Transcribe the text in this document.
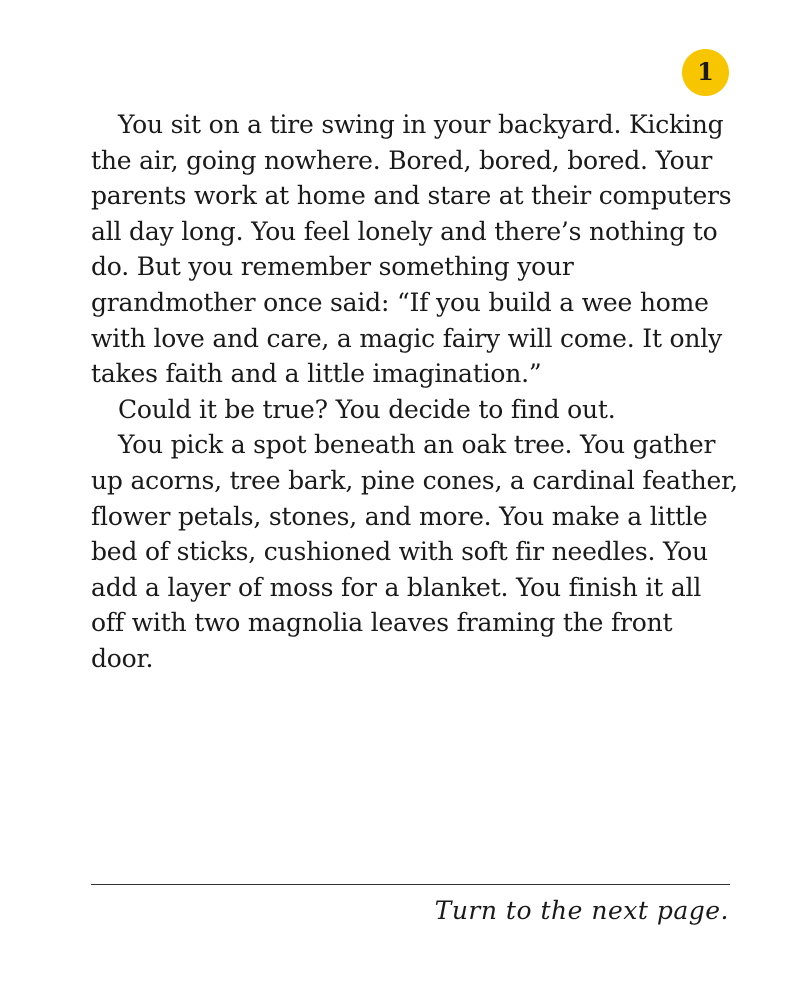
1

You sit on a tire swing in your backyard. Kicking the air, going nowhere. Bored, bored, bored. Your parents work at home and stare at their computers all day long. You feel lonely and there’s nothing to do. But you remember something your grandmother once said: “If you build a wee home with love and care, a magic fairy will come. It only takes faith and a little imagination.”

Could it be true? You decide to find out.

You pick a spot beneath an oak tree. You gather up acorns, tree bark, pine cones, a cardinal feather, flower petals, stones, and more. You make a little bed of sticks, cushioned with soft fir needles. You add a layer of moss for a blanket. You finish it all off with two magnolia leaves framing the front door.

Turn to the next page.
